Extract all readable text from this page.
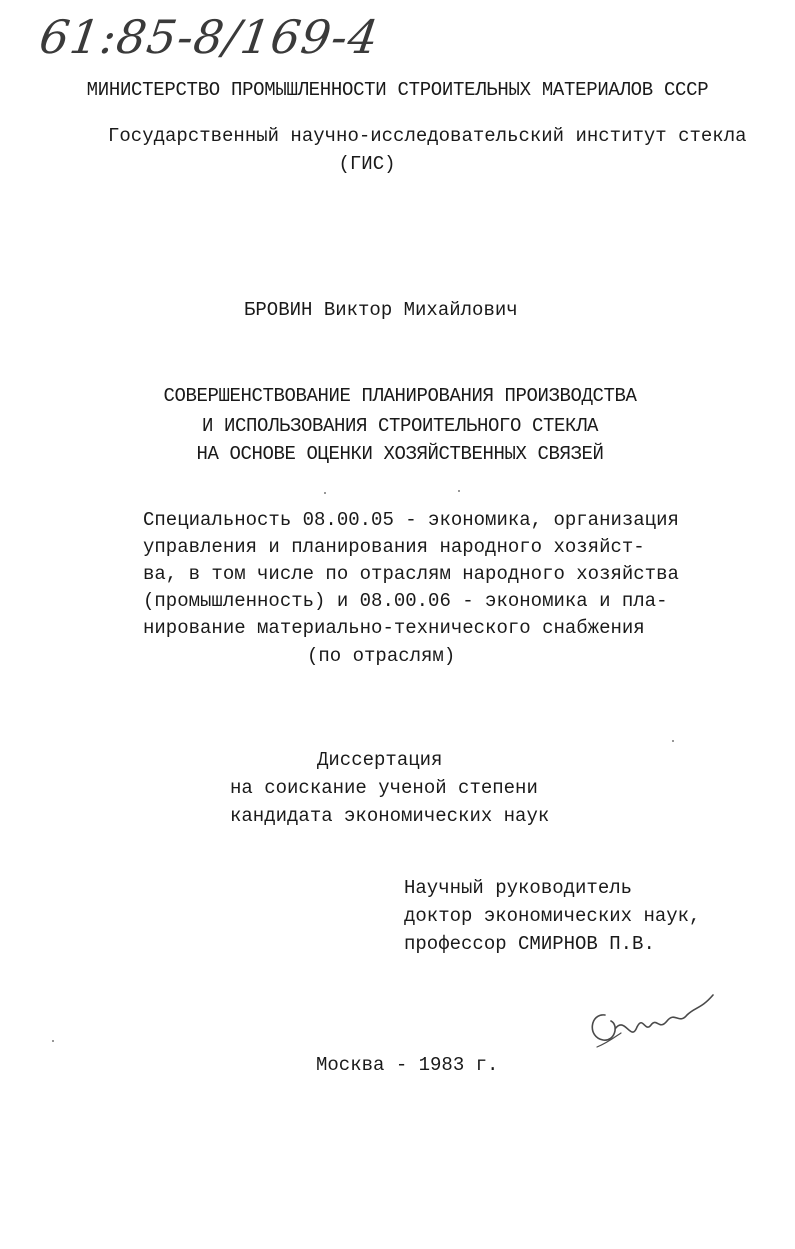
61:85-8/169-4
МИНИСТЕРСТВО ПРОМЫШЛЕННОСТИ СТРОИТЕЛЬНЫХ МАТЕРИАЛОВ СССР
Государственный научно-исследовательский институт стекла
(ГИС)
БРОВИН Виктор Михайлович
СОВЕРШЕНСТВОВАНИЕ ПЛАНИРОВАНИЯ ПРОИЗВОДСТВА
И ИСПОЛЬЗОВАНИЯ СТРОИТЕЛЬНОГО СТЕКЛА
НА ОСНОВЕ ОЦЕНКИ ХОЗЯЙСТВЕННЫХ СВЯЗЕЙ
Специальность 08.00.05 - экономика, организация
управления и планирования народного хозяйст-
ва, в том числе по отраслям народного хозяйства
(промышленность) и 08.00.06 - экономика и пла-
нирование материально-технического снабжения
(по отраслям)
Диссертация
на соискание ученой степени
кандидата экономических наук
Научный руководитель
доктор экономических наук,
профессор СМИРНОВ П.В.
Москва - 1983 г.
